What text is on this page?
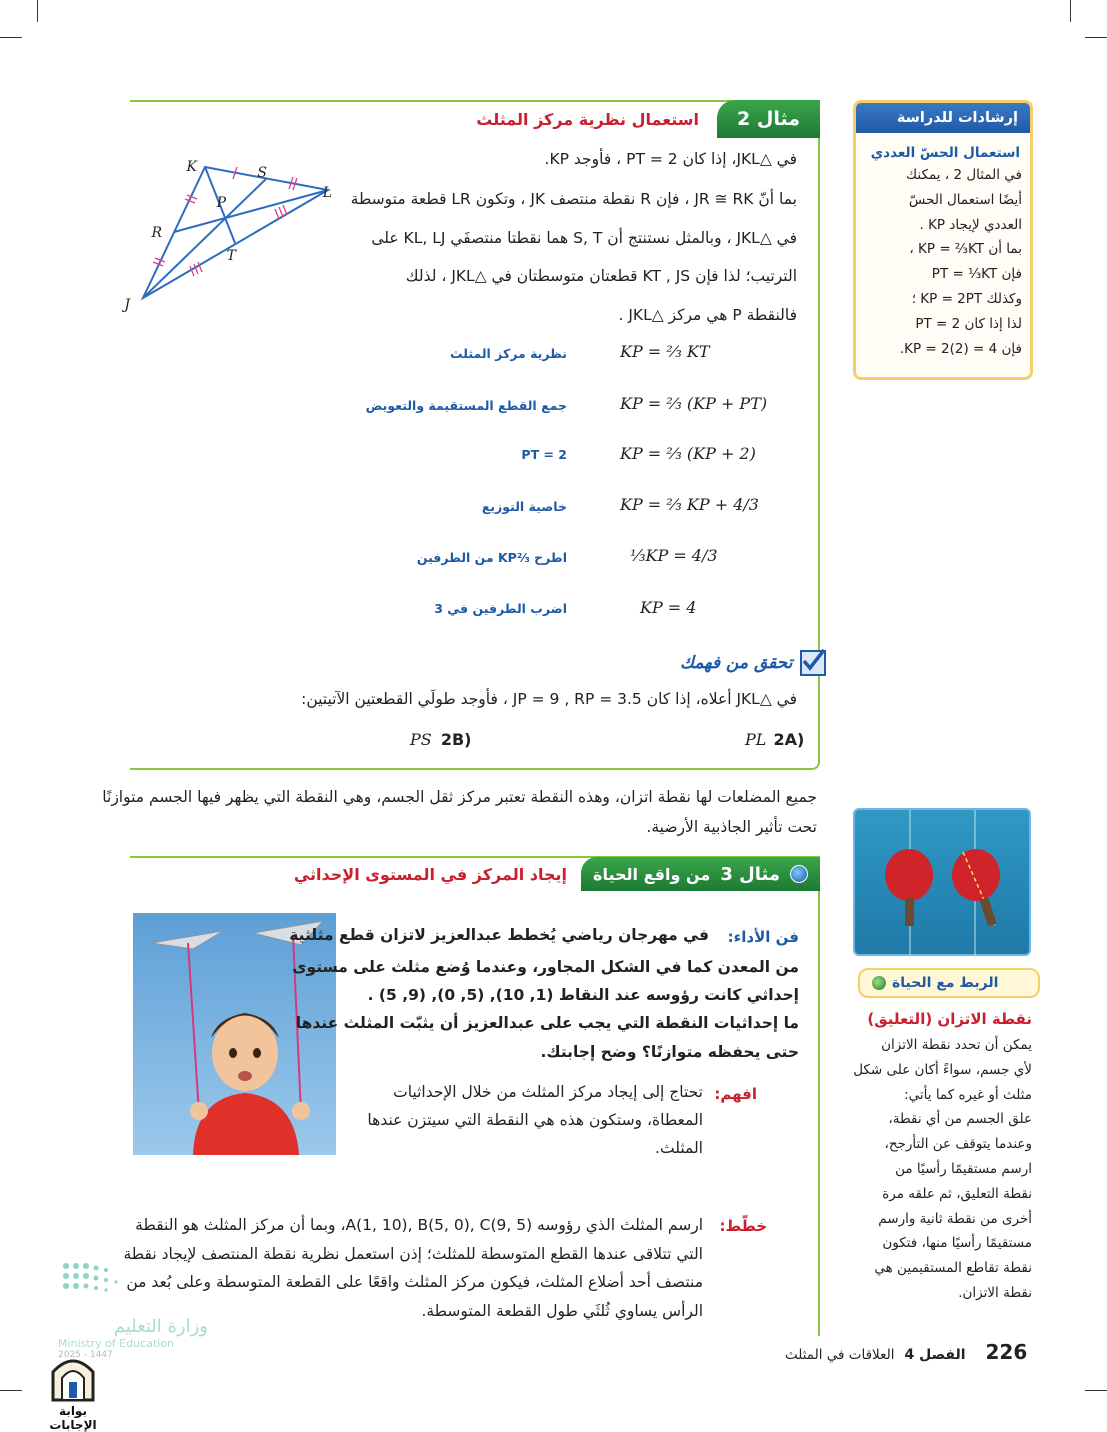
مثال 2
استعمال نظرية مركز المثلث
K	S
L
P
R
T
J
في △JKL، إذا كان PT = 2 ، فأوجد KP.
بما أنّ JR ≅ RK ، فإن R نقطة منتصف JK ، وتكون LR قطعة متوسطة
في △JKL ، وبالمثل نستنتج أن S, T هما نقطتا منتصفَي KL, LJ على
الترتيب؛ لذا فإن KT , JS قطعتان متوسطتان في △JKL ، لذلك
فالنقطة P هي مركز △JKL .
KP = ⅔ KT
نظرية مركز المثلث
KP = ⅔ (KP + PT)
جمع القطع المستقيمة والتعويض
KP = ⅔ (KP + 2)
PT = 2
KP = ⅔ KP + 4/3
خاصية التوزيع
⅓KP = 4/3
اطرح ⅔KP من الطرفين
KP = 4
اضرب الطرفين في 3
تحقق من فهمك
في △JKL أعلاه، إذا كان JP = 9 , RP = 3.5 ، فأوجد طولَي القطعتين الآتيتين:
PL 2A)
PS 2B)
إرشادات للدراسة
استعمال الحسّ العددي
في المثال 2 ، يمكنك
أيضًا استعمال الحسّ
العددي لإيجاد KP .
بما أن KP = ⅔KT ،
فإن PT = ⅓KT
وكذلك KP = 2PT ؛
لذا إذا كان PT = 2
فإن KP = 2(2) = 4.
جميع المضلعات لها نقطة اتزان، وهذه النقطة تعتبر مركز ثقل الجسم، وهي النقطة التي يظهر فيها الجسم متوازنًا
تحت تأثير الجاذبية الأرضية.
مثال 3
من واقع الحياة
إيجاد المركز في المستوى الإحداثي
فن الأداء:
في مهرجان رياضي يُخطط عبدالعزيز لاتزان قطع مثلثية
من المعدن كما في الشكل المجاور، وعندما وُضع مثلث على مستوى
إحداثي كانت رؤوسه عند النقاط (1, 10), (5, 0), (9, 5) .
ما إحداثيات النقطة التي يجب على عبدالعزيز أن يثبّت المثلث عندها
حتى يحفظه متوازنًا؟ وضح إجابتك.
افهم:
تحتاج إلى إيجاد مركز المثلث من خلال الإحداثيات
المعطاة، وستكون هذه هي النقطة التي سيتزن عندها
المثلث.
خطّط:
ارسم المثلث الذي رؤوسه A(1, 10), B(5, 0), C(9, 5)، وبما أن مركز المثلث هو النقطة
التي تتلاقى عندها القطع المتوسطة للمثلث؛ إذن استعمل نظرية نقطة المنتصف لإيجاد نقطة
منتصف أحد أضلاع المثلث، فيكون مركز المثلث واقعًا على القطعة المتوسطة وعلى بُعد من
الرأس يساوي ثُلثَي طول القطعة المتوسطة.
الربط مع الحياة
نقطة الاتزان (التعليق)
يمكن أن تحدد نقطة الاتزان
لأي جسم، سواءً أكان على شكل
مثلث أو غيره كما يأتي:
علق الجسم من أي نقطة،
وعندما يتوقف عن التأرجح،
ارسم مستقيمًا رأسيًا من
نقطة التعليق، ثم علقه مرة
أخرى من نقطة ثانية وارسم
مستقيمًا رأسيًا منها، فتكون
نقطة تقاطع المستقيمين هي
نقطة الاتزان.
العلاقات في المثلث الفصل 4 226
وزارة التعليم
Ministry of Education
2025 - 1447
بوابة الإجابات
